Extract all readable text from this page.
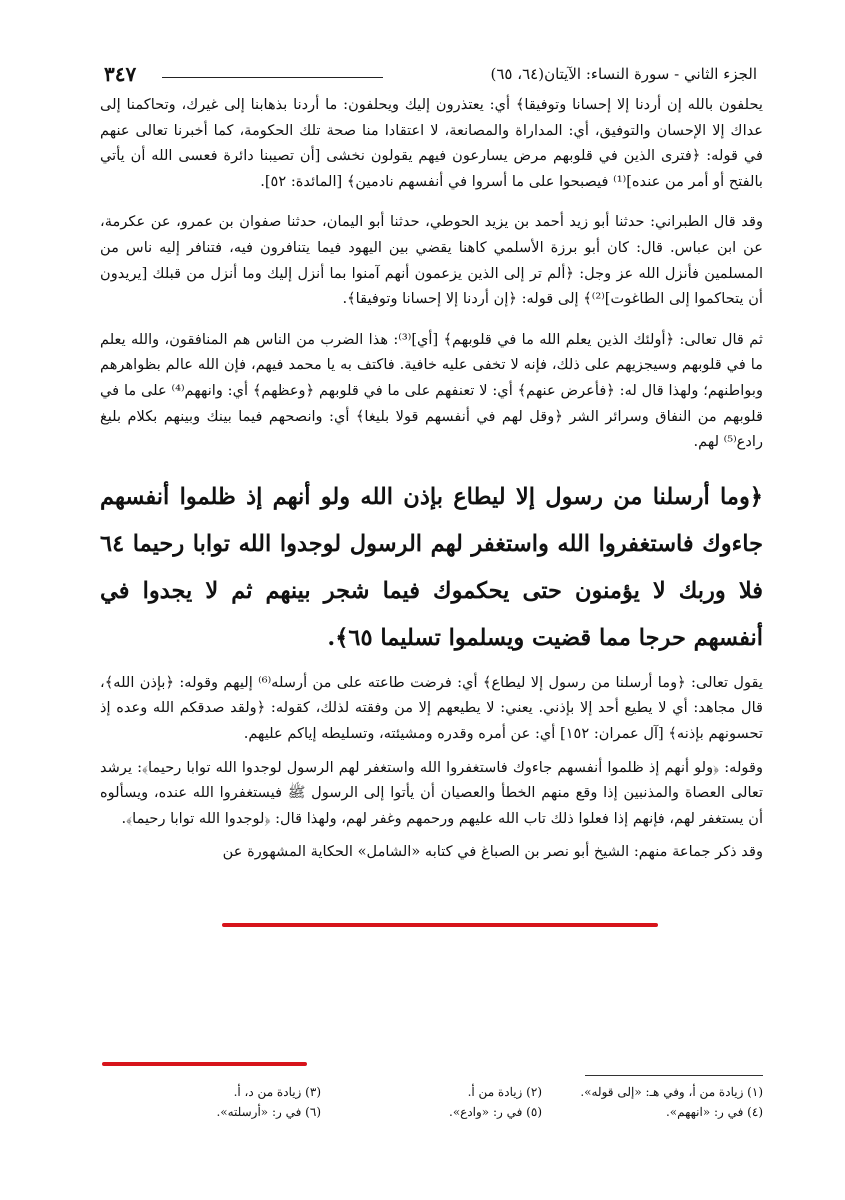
الجزء الثاني - سورة النساء: الآيتان(٦٤، ٦٥)
٣٤٧

يحلفون بالله إن أردنا إلا إحسانا وتوفيقا﴾ أي: يعتذرون إليك ويحلفون: ما أردنا بذهابنا إلى غيرك، وتحاكمنا إلى عداك إلا الإحسان والتوفيق، أي: المداراة والمصانعة، لا اعتقادا منا صحة تلك الحكومة، كما أخبرنا تعالى عنهم في قوله: ﴿فترى الذين في قلوبهم مرض يسارعون فيهم يقولون نخشى [أن تصيبنا دائرة فعسى الله أن يأتي بالفتح أو أمر من عنده]⁽¹⁾ فيصبحوا على ما أسروا في أنفسهم نادمين﴾ [المائدة: ٥٢].

وقد قال الطبراني: حدثنا أبو زيد أحمد بن يزيد الحوطي، حدثنا أبو اليمان، حدثنا صفوان بن عمرو، عن عكرمة، عن ابن عباس. قال: كان أبو برزة الأسلمي كاهنا يقضي بين اليهود فيما يتنافرون فيه، فتنافر إليه ناس من المسلمين فأنزل الله عز وجل: ﴿ألم تر إلى الذين يزعمون أنهم آمنوا بما أنزل إليك وما أنزل من قبلك [يريدون أن يتحاكموا إلى الطاغوت]⁽²⁾﴾ إلى قوله: ﴿إن أردنا إلا إحسانا وتوفيقا﴾.

ثم قال تعالى: ﴿أولئك الذين يعلم الله ما في قلوبهم﴾ [أي]⁽³⁾: هذا الضرب من الناس هم المنافقون، والله يعلم ما في قلوبهم وسيجزيهم على ذلك، فإنه لا تخفى عليه خافية. فاكتف به يا محمد فيهم، فإن الله عالم بظواهرهم وبواطنهم؛ ولهذا قال له: ﴿فأعرض عنهم﴾ أي: لا تعنفهم على ما في قلوبهم ﴿وعظهم﴾ أي: وانههم⁽⁴⁾ على ما في قلوبهم من النفاق وسرائر الشر ﴿وقل لهم في أنفسهم قولا بليغا﴾ أي: وانصحهم فيما بينك وبينهم بكلام بليغ رادع⁽⁵⁾ لهم.

﴿وما أرسلنا من رسول إلا ليطاع بإذن الله ولو أنهم إذ ظلموا أنفسهم جاءوك فاستغفروا الله واستغفر لهم الرسول لوجدوا الله توابا رحيما ٦٤ فلا وربك لا يؤمنون حتى يحكموك فيما شجر بينهم ثم لا يجدوا في أنفسهم حرجا مما قضيت ويسلموا تسليما ٦٥﴾.

يقول تعالى: ﴿وما أرسلنا من رسول إلا ليطاع﴾ أي: فرضت طاعته على من أرسله⁽⁶⁾ إليهم وقوله: ﴿بإذن الله﴾، قال مجاهد: أي لا يطيع أحد إلا بإذني. يعني: لا يطيعهم إلا من وفقته لذلك، كقوله: ﴿ولقد صدقكم الله وعده إذ تحسونهم بإذنه﴾ [آل عمران: ١٥٢] أي: عن أمره وقدره ومشيئته، وتسليطه إياكم عليهم.

وقوله: ﴿ولو أنهم إذ ظلموا أنفسهم جاءوك فاستغفروا الله واستغفر لهم الرسول لوجدوا الله توابا رحيما﴾: يرشد تعالى العصاة والمذنبين إذا وقع منهم الخطأ والعصيان أن يأتوا إلى الرسول ﷺ فيستغفروا الله عنده، ويسألوه أن يستغفر لهم، فإنهم إذا فعلوا ذلك تاب الله عليهم ورحمهم وغفر لهم، ولهذا قال: ﴿لوجدوا الله توابا رحيما﴾.

وقد ذكر جماعة منهم: الشيخ أبو نصر بن الصباغ في كتابه «الشامل» الحكاية المشهورة عن

(١) زيادة من أ، وفي هـ: «إلى قوله».
(٢) زيادة من أ.
(٣) زيادة من د، أ.
(٤) في ر: «انههم».
(٥) في ر: «وادع».
(٦) في ر: «أرسلته».
